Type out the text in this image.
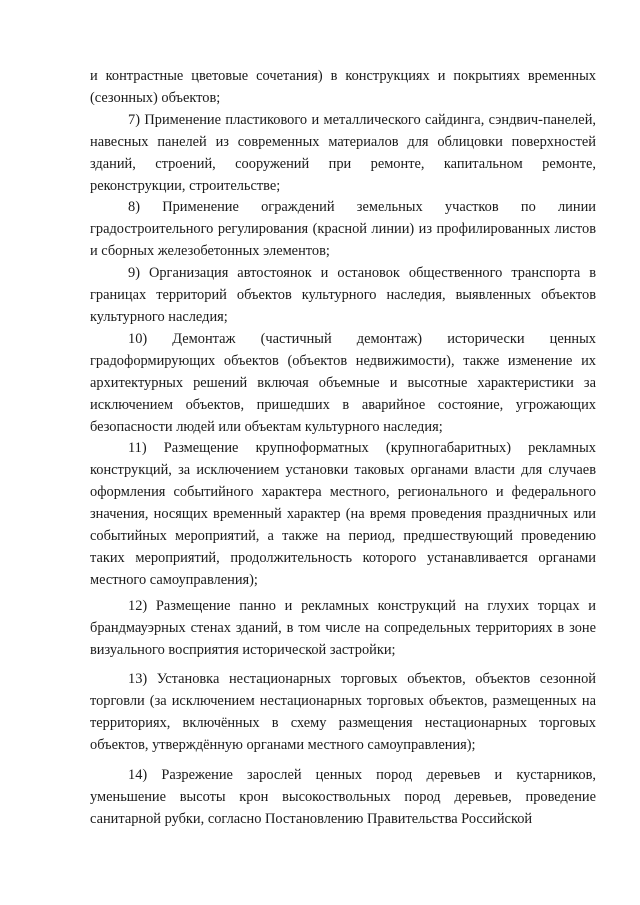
и контрастные цветовые сочетания) в конструкциях и покрытиях временных (сезонных) объектов;

7) Применение пластикового и металлического сайдинга, сэндвич-панелей, навесных панелей из современных материалов для облицовки поверхностей зданий, строений, сооружений при ремонте, капитальном ремонте, реконструкции, строительстве;

8) Применение ограждений земельных участков по линии градостроительного регулирования (красной линии) из профилированных листов и сборных железобетонных элементов;

9) Организация автостоянок и остановок общественного транспорта в границах территорий объектов культурного наследия, выявленных объектов культурного наследия;

10) Демонтаж (частичный демонтаж) исторически ценных градоформирующих объектов (объектов недвижимости), также изменение их архитектурных решений включая объемные и высотные характеристики за исключением объектов, пришедших в аварийное состояние, угрожающих безопасности людей или объектам культурного наследия;

11) Размещение крупноформатных (крупногабаритных) рекламных конструкций, за исключением установки таковых органами власти для случаев оформления событийного характера местного, регионального и федерального значения, носящих временный характер (на время проведения праздничных или событийных мероприятий, а также на период, предшествующий проведению таких мероприятий, продолжительность которого устанавливается органами местного самоуправления);

12) Размещение панно и рекламных конструкций на глухих торцах и брандмауэрных стенах зданий, в том числе на сопредельных территориях в зоне визуального восприятия исторической застройки;

13) Установка нестационарных торговых объектов, объектов сезонной торговли (за исключением нестационарных торговых объектов, размещенных на территориях, включённых в схему размещения нестационарных торговых объектов, утверждённую органами местного самоуправления);

14) Разрежение зарослей ценных пород деревьев и кустарников, уменьшение высоты крон высокоствольных пород деревьев, проведение санитарной рубки, согласно Постановлению Правительства Российской
